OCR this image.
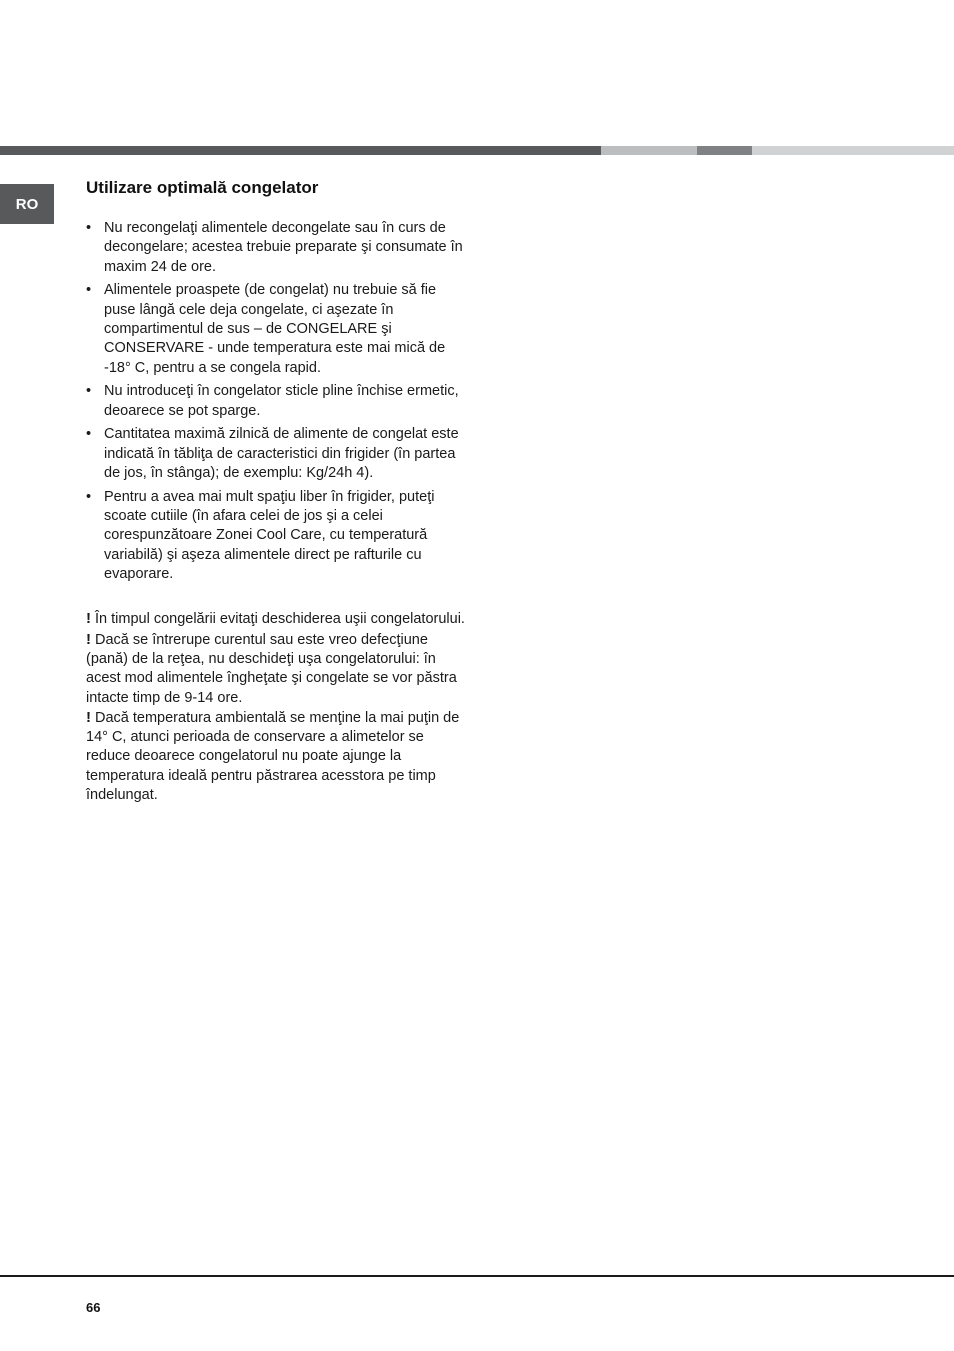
RO
Utilizare optimală congelator
• Nu recongelaţi alimentele decongelate sau în curs de decongelare; acestea trebuie preparate şi consumate în maxim 24 de ore.
• Alimentele proaspete (de congelat) nu trebuie să fie puse lângă cele deja congelate, ci aşezate în compartimentul de sus – de CONGELARE şi CONSERVARE - unde temperatura este mai mică de -18° C, pentru a se congela rapid.
• Nu introduceţi în congelator sticle pline închise ermetic, deoarece se pot sparge.
• Cantitatea maximă zilnică de alimente de congelat este indicată în tăbliţa de caracteristici din frigider (în partea de jos, în stânga); de exemplu: Kg/24h 4).
• Pentru a avea mai mult spaţiu liber în frigider, puteţi scoate cutiile (în afara celei de jos şi a celei corespunzătoare Zonei Cool Care, cu temperatură variabilă) şi aşeza alimentele direct pe rafturile cu evaporare.

! În timpul congelării evitaţi deschiderea uşii congelatorului.

! Dacă se întrerupe curentul sau este vreo defecţiune (pană) de la reţea, nu deschideţi uşa congelatorului: în acest mod alimentele îngheţate şi congelate se vor păstra intacte timp de 9-14 ore.

! Dacă temperatura ambientală se menţine la mai puţin de 14° C, atunci perioada de conservare a alimetelor se reduce deoarece congelatorul nu poate ajunge la temperatura ideală pentru păstrarea acesstora pe timp îndelungat.

66
